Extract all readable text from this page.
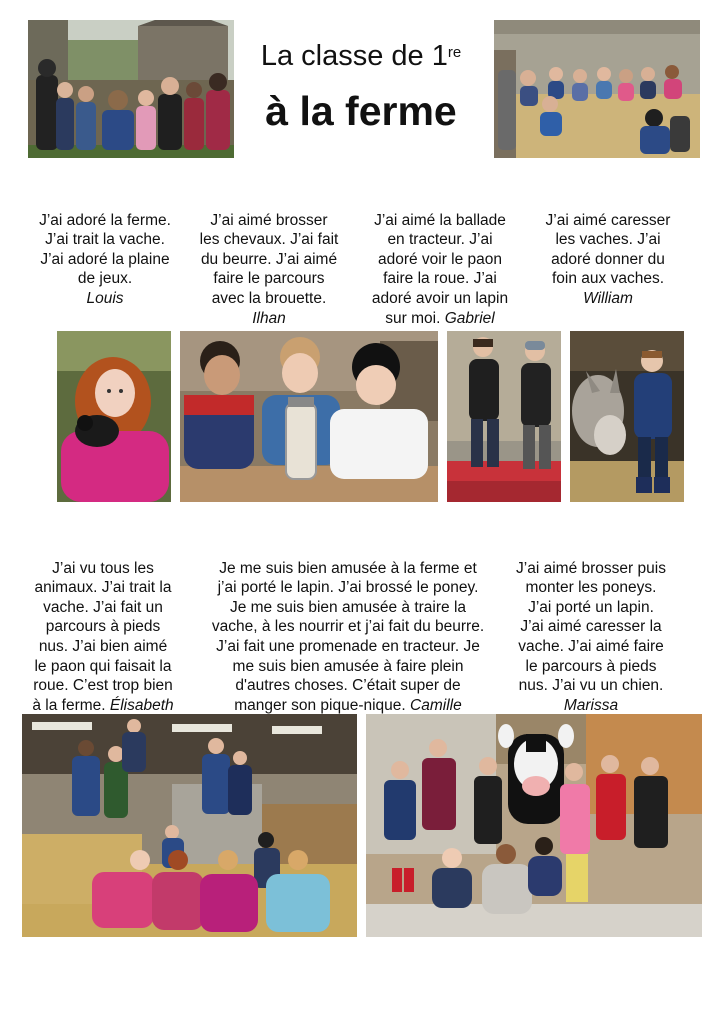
La classe de 1re
à la ferme

J’ai adoré la ferme.
J’ai trait la vache.
J’ai adoré la plaine
de jeux.

Louis

J’ai aimé brosser
les chevaux. J’ai fait
du beurre. J’ai aimé
faire le parcours
avec la brouette.

Ilhan

J’ai aimé la ballade
en tracteur. J’ai
adoré voir le paon
faire la roue. J’ai
adoré avoir un lapin
sur moi. Gabriel

J’ai aimé caresser
les vaches. J’ai
adoré donner du
foin aux vaches.

William

J’ai vu tous les
animaux. J’ai trait la
vache. J’ai fait un
parcours à pieds
nus. J’ai bien aimé
le paon qui faisait la
roue. C’est trop bien
à la ferme. Élisabeth

Je me suis bien amusée à la ferme et
j’ai porté le lapin. J’ai brossé le poney.
Je me suis bien amusée à traire la
vache, à les nourrir et j’ai fait du beurre.
J’ai fait une promenade en tracteur. Je
me suis bien amusée à faire plein
d'autres choses. C’était super de
manger son pique-nique. Camille

J’ai aimé brosser puis
monter les poneys.
J’ai porté un lapin.
J’ai aimé caresser la
vache. J’ai aimé faire
le parcours à pieds
nus. J’ai vu un chien.

Marissa
